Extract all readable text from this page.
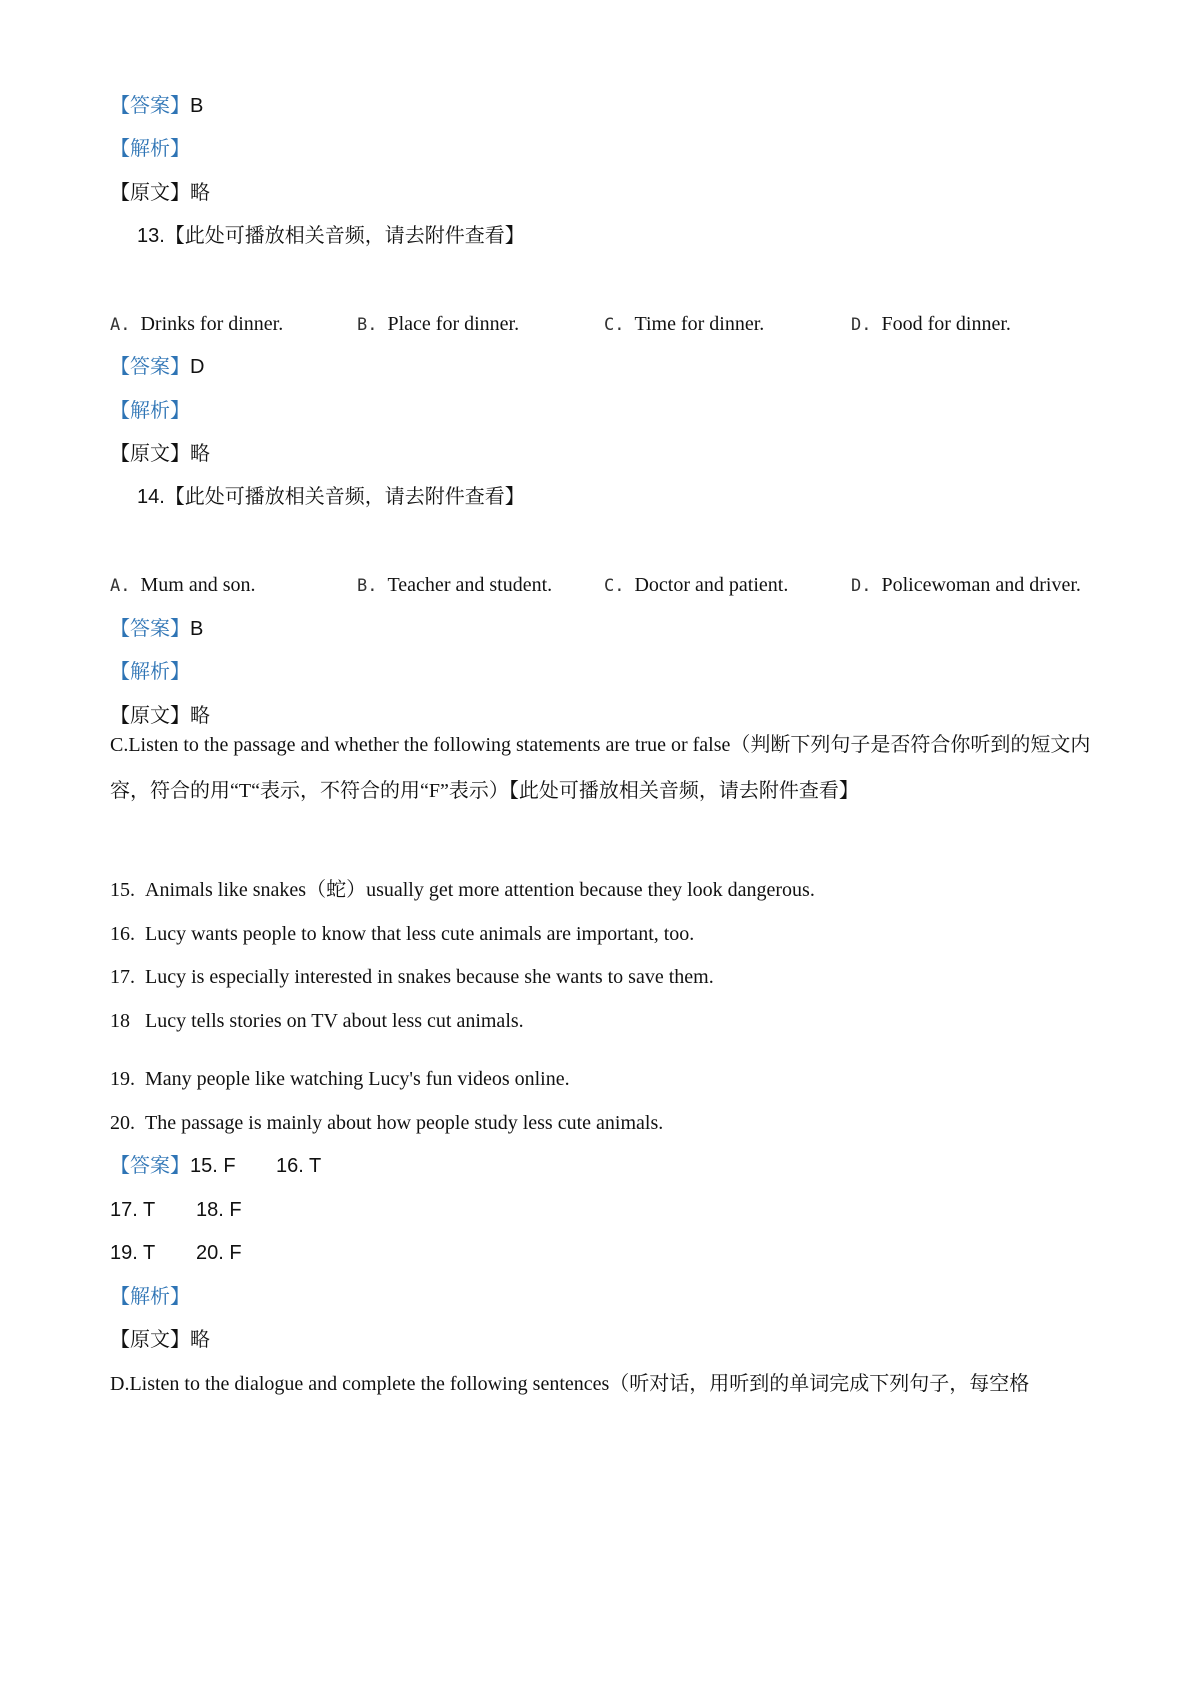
【答案】B
【解析】
【原文】略
13.【此处可播放相关音频，请去附件查看】
A. Drinks for dinner.	B. Place for dinner.	C. Time for dinner.	D. Food for dinner.
【答案】D
【解析】
【原文】略
14.【此处可播放相关音频，请去附件查看】
A. Mum and son.	B. Teacher and student.	C. Doctor and patient.	D. Policewoman and driver.
【答案】B
【解析】
【原文】略
C.Listen to the passage and whether the following statements are true or false（判断下列句子是否符合你听到的短文内容，符合的用“T“表示，不符合的用“F”表示）【此处可播放相关音频，请去附件查看】
15. Animals like snakes（蛇）usually get more attention because they look dangerous.
16. Lucy wants people to know that less cute animals are important, too.
17. Lucy is especially interested in snakes because she wants to save them.
18 Lucy tells stories on TV about less cut animals.
19. Many people like watching Lucy's fun videos online.
20. The passage is mainly about how people study less cute animals.
【答案】15. F 16. T
17. T 18. F
19. T 20. F
【解析】
【原文】略
D.Listen to the dialogue and complete the following sentences（听对话，用听到的单词完成下列句子，每空格
